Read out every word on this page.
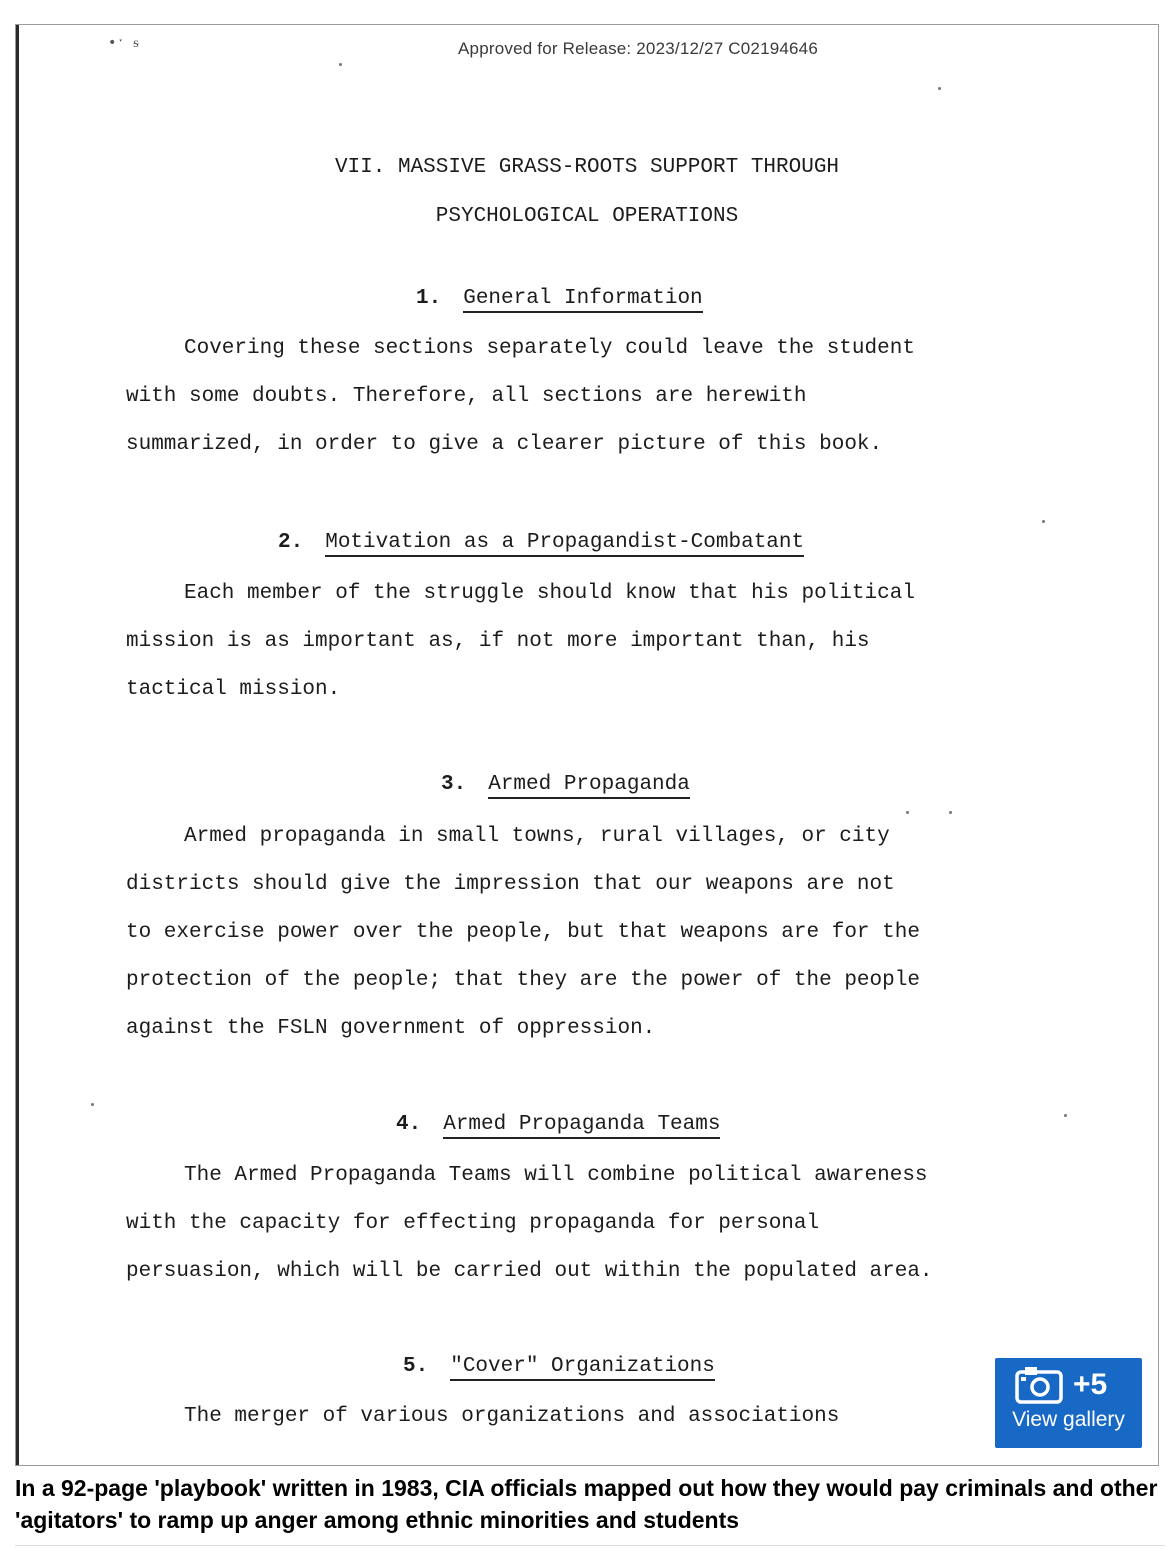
•ˑ ᵴ	Approved for Release: 2023/12/27 C02194646
VII. MASSIVE GRASS-ROOTS SUPPORT THROUGH
PSYCHOLOGICAL OPERATIONS
1. General Information
Covering these sections separately could leave the student
with some doubts. Therefore, all sections are herewith
summarized, in order to give a clearer picture of this book.
2. Motivation as a Propagandist-Combatant
Each member of the struggle should know that his political
mission is as important as, if not more important than, his
tactical mission.
3. Armed Propaganda
Armed propaganda in small towns, rural villages, or city
districts should give the impression that our weapons are not
to exercise power over the people, but that weapons are for the
protection of the people; that they are the power of the people
against the FSLN government of oppression.
4. Armed Propaganda Teams
The Armed Propaganda Teams will combine political awareness
with the capacity for effecting propaganda for personal
persuasion, which will be carried out within the populated area.
5. "Cover" Organizations
The merger of various organizations and associations
+5
View gallery
In a 92-page 'playbook' written in 1983, CIA officials mapped out how they would pay criminals and other 'agitators' to ramp up anger among ethnic minorities and students
